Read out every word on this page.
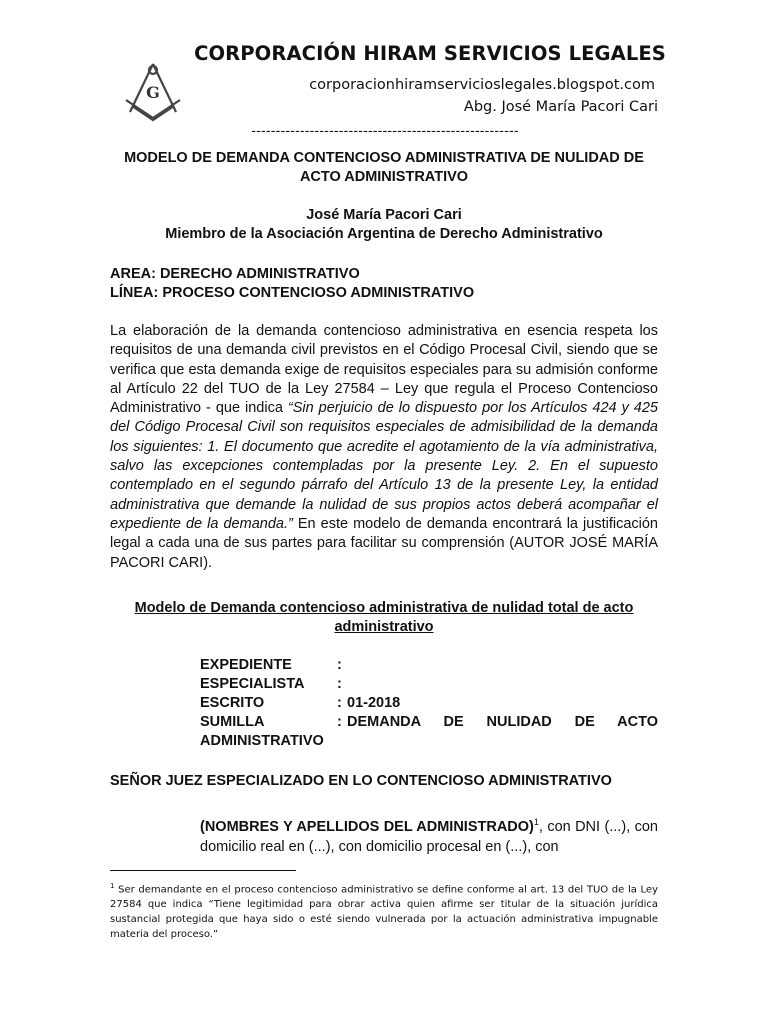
G
CORPORACIÓN HIRAM SERVICIOS LEGALES
corporacionhiramservicioslegales.blogspot.com
Abg. José María Pacori Cari
-------------------------------------------------------
MODELO DE DEMANDA CONTENCIOSO ADMINISTRATIVA DE NULIDAD DE
ACTO ADMINISTRATIVO
José María Pacori Cari
Miembro de la Asociación Argentina de Derecho Administrativo
AREA: DERECHO ADMINISTRATIVO
LÍNEA: PROCESO CONTENCIOSO ADMINISTRATIVO
La elaboración de la demanda contencioso administrativa en esencia respeta los requisitos de una demanda civil previstos en el Código Procesal Civil, siendo que se verifica que esta demanda exige de requisitos especiales para su admisión conforme al Artículo 22 del TUO de la Ley 27584 – Ley que regula el Proceso Contencioso Administrativo - que indica “Sin perjuicio de lo dispuesto por los Artículos 424 y 425 del Código Procesal Civil son requisitos especiales de admisibilidad de la demanda los siguientes: 1. El documento que acredite el agotamiento de la vía administrativa, salvo las excepciones contempladas por la presente Ley. 2. En el supuesto contemplado en el segundo párrafo del Artículo 13 de la presente Ley, la entidad administrativa que demande la nulidad de sus propios actos deberá acompañar el expediente de la demanda.” En este modelo de demanda encontrará la justificación legal a cada una de sus partes para facilitar su comprensión (AUTOR JOSÉ MARÍA PACORI CARI).
Modelo de Demanda contencioso administrativa de nulidad total de acto
administrativo
EXPEDIENTE	:
ESPECIALISTA	:
ESCRITO	: 01-2018
SUMILLA	: DEMANDA DE NULIDAD DE ACTO
ADMINISTRATIVO
SEÑOR JUEZ ESPECIALIZADO EN LO CONTENCIOSO ADMINISTRATIVO
(NOMBRES Y APELLIDOS DEL ADMINISTRADO)$^1$, con DNI (...), con domicilio real en (...), con domicilio procesal en (...), con
$^1$ Ser demandante en el proceso contencioso administrativo se define conforme al art. 13 del TUO de la Ley 27584 que indica “Tiene legitimidad para obrar activa quien afirme ser titular de la situación jurídica sustancial protegida que haya sido o esté siendo vulnerada por la actuación administrativa impugnable materia del proceso.”
